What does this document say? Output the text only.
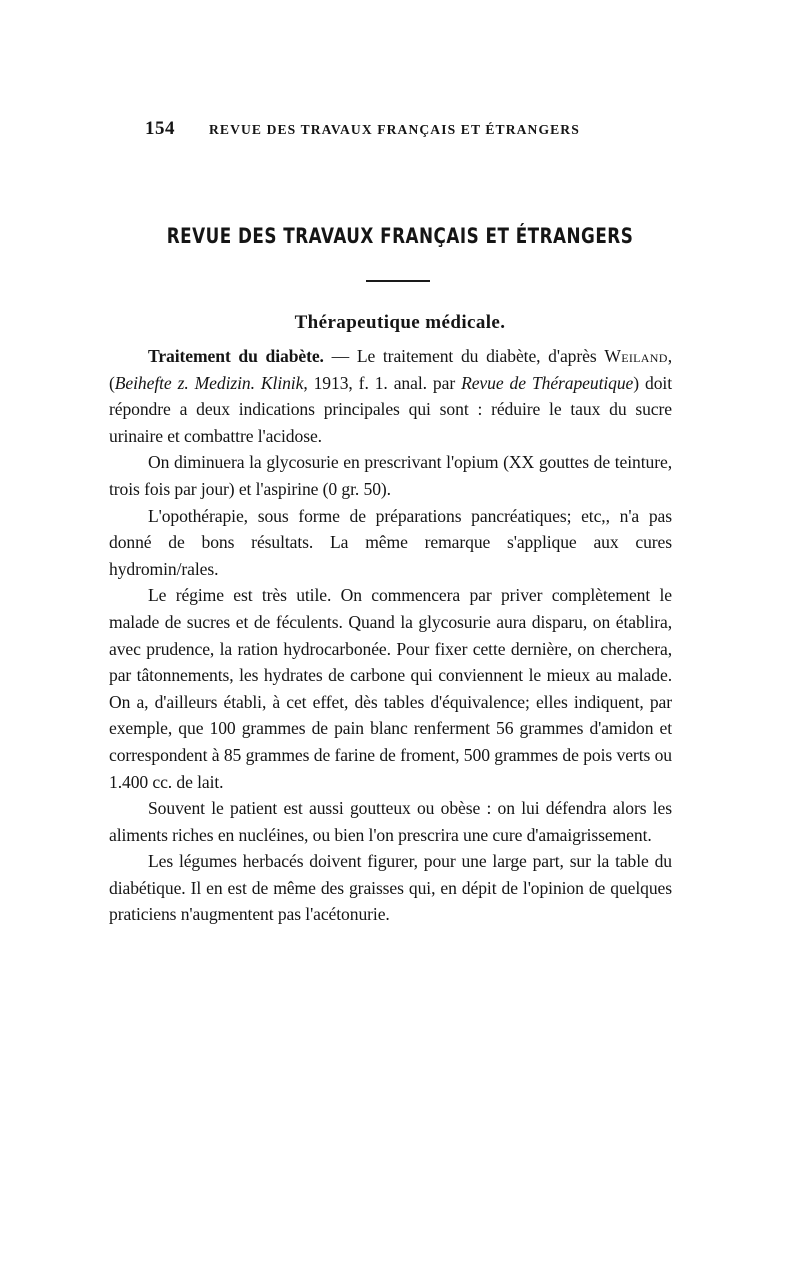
154	REVUE DES TRAVAUX FRANÇAIS ET ÉTRANGERS
REVUE DES TRAVAUX FRANÇAIS ET ÉTRANGERS
Thérapeutique médicale.

Traitement du diabète. — Le traitement du diabète, d'après Weiland, (Beihefte z. Medizin. Klinik, 1913, f. 1. anal. par Revue de Thérapeutique) doit répondre a deux indications principales qui sont : réduire le taux du sucre urinaire et combattre l'acidose.

On diminuera la glycosurie en prescrivant l'opium (XX gouttes de teinture, trois fois par jour) et l'aspirine (0 gr. 50).

L'opothérapie, sous forme de préparations pancréatiques; etc,, n'a pas donné de bons résultats. La même remarque s'applique aux cures hydromin/rales.

Le régime est très utile. On commencera par priver complètement le malade de sucres et de féculents. Quand la glycosurie aura disparu, on établira, avec prudence, la ration hydrocarbonée. Pour fixer cette dernière, on cherchera, par tâtonnements, les hydrates de carbone qui conviennent le mieux au malade. On a, d'ailleurs établi, à cet effet, dès tables d'équivalence; elles indiquent, par exemple, que 100 grammes de pain blanc renferment 56 grammes d'amidon et correspondent à 85 grammes de farine de froment, 500 grammes de pois verts ou 1.400 cc. de lait.

Souvent le patient est aussi goutteux ou obèse : on lui défendra alors les aliments riches en nucléines, ou bien l'on prescrira une cure d'amaigrissement.

Les légumes herbacés doivent figurer, pour une large part, sur la table du diabétique. Il en est de même des graisses qui, en dépit de l'opinion de quelques praticiens n'augmentent pas l'acétonurie.
